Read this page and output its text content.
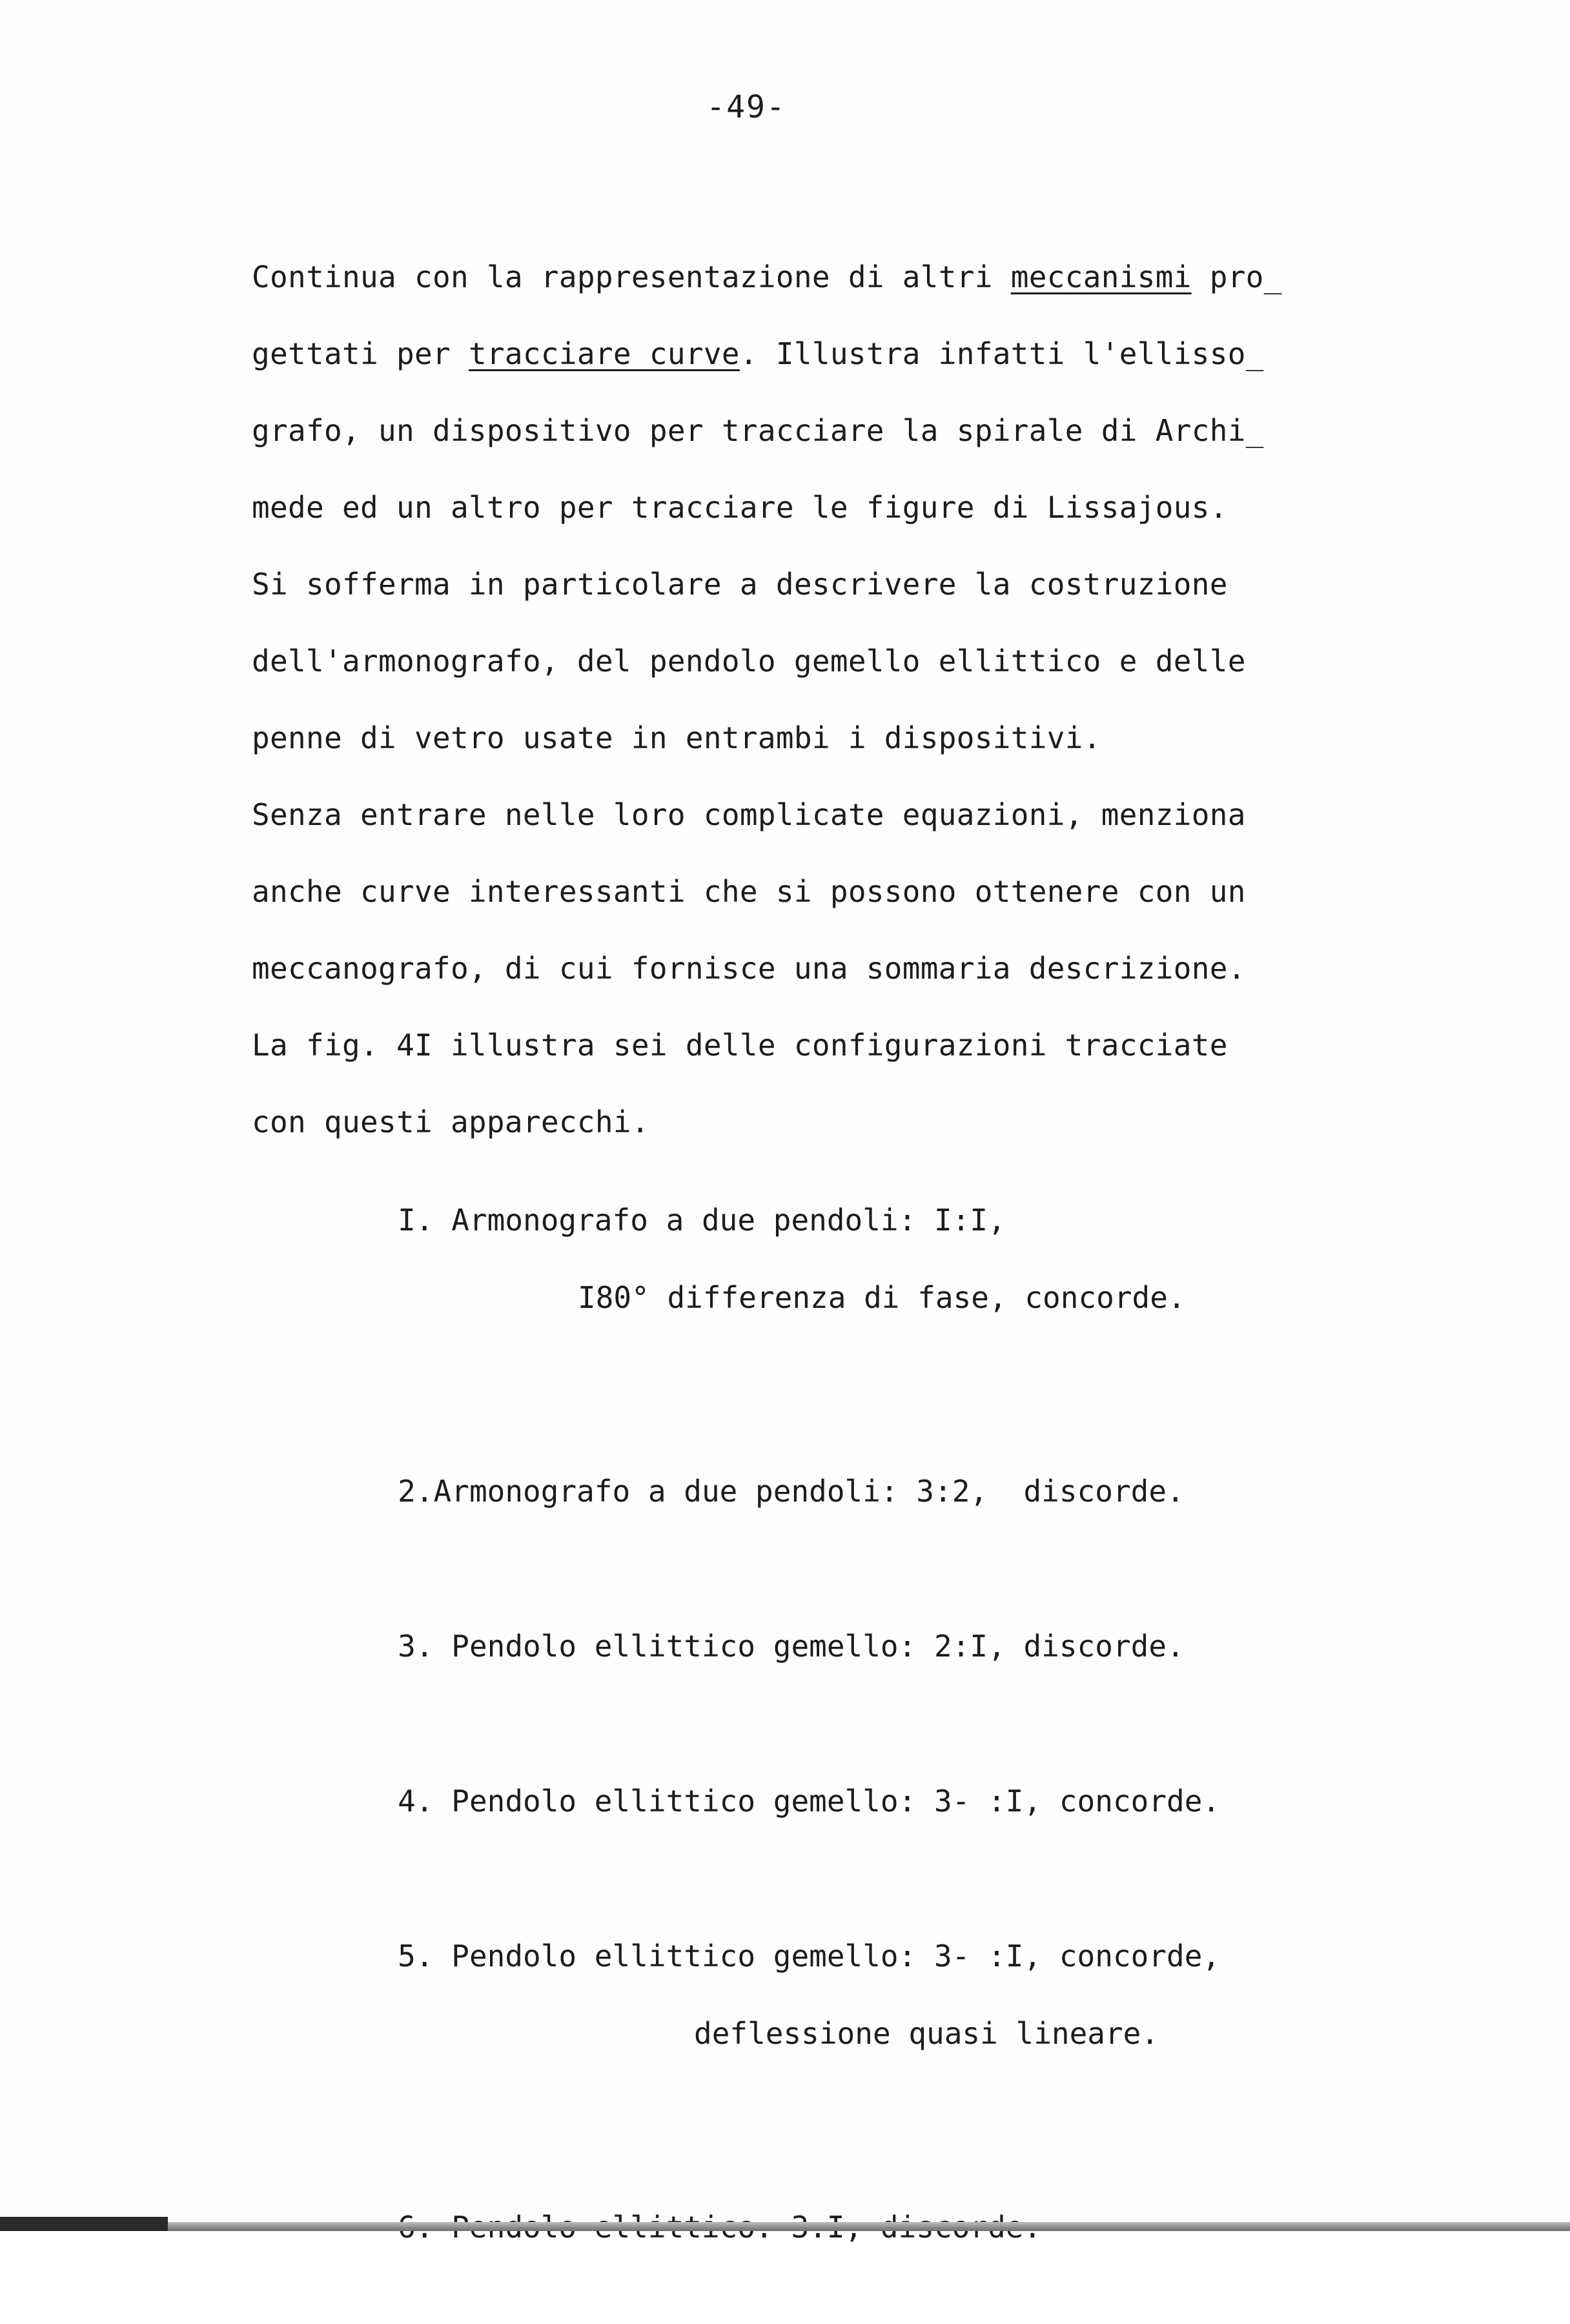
-49-
Continua con la rappresentazione di altri meccanismi pro_
gettati per tracciare curve. Illustra infatti l'ellisso_
grafo, un dispositivo per tracciare la spirale di Archi_
mede ed un altro per tracciare le figure di Lissajous.
Si sofferma in particolare a descrivere la costruzione
dell'armonografo, del pendolo gemello ellittico e delle
penne di vetro usate in entrambi i dispositivi.
Senza entrare nelle loro complicate equazioni, menziona
anche curve interessanti che si possono ottenere con un
meccanografo, di cui fornisce una sommaria descrizione.
La fig. 4I illustra sei delle configurazioni tracciate
con questi apparecchi.

I. Armonografo a due pendoli: I:I,

I80° differenza di fase, concorde.

2.Armonografo a due pendoli: 3:2,  discorde.

3. Pendolo ellittico gemello: 2:I, discorde.

4. Pendolo ellittico gemello: 3- :I, concorde.

5. Pendolo ellittico gemello: 3- :I, concorde,

deflessione quasi lineare.
